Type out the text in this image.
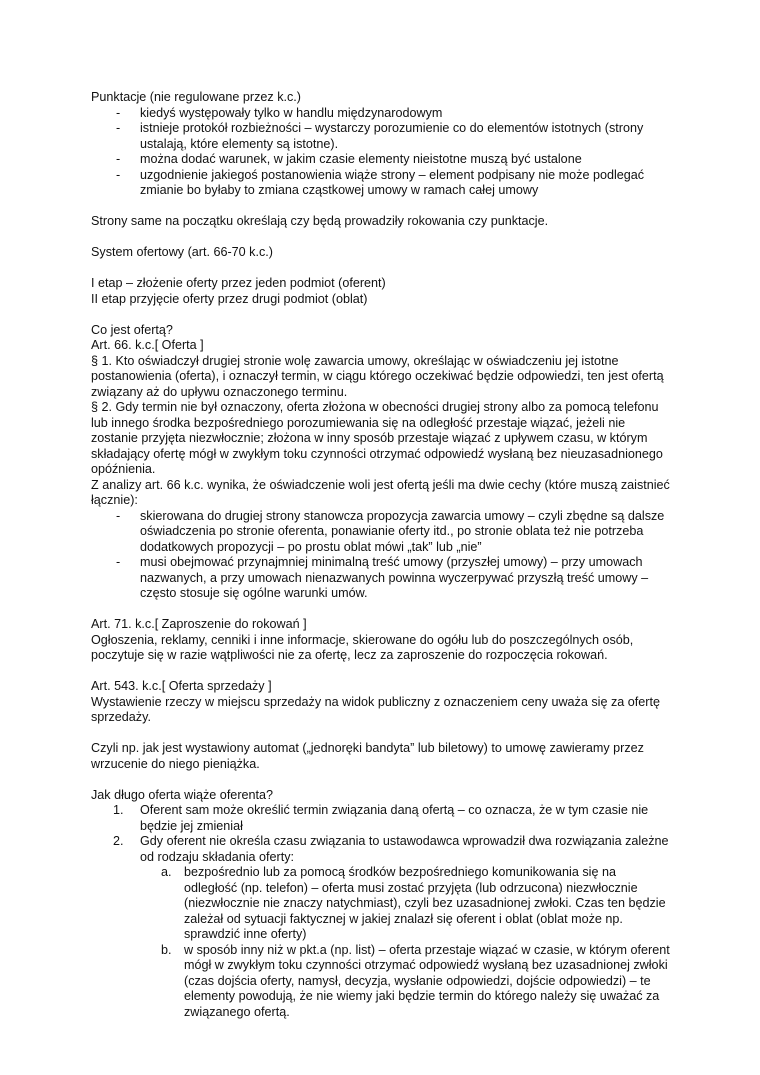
Punktacje (nie regulowane przez k.c.)

- kiedyś występowały tylko w handlu międzynarodowym
- istnieje protokół rozbieżności – wystarczy porozumienie co do elementów istotnych (strony ustalają, które elementy są istotne).
- można dodać warunek, w jakim czasie elementy nieistotne muszą być ustalone
- uzgodnienie jakiegoś postanowienia wiąże strony – element podpisany nie może podlegać zmianie bo byłaby to zmiana cząstkowej umowy w ramach całej umowy

Strony same na początku określają czy będą prowadziły rokowania czy punktacje.

System ofertowy (art. 66-70 k.c.)

I etap – złożenie oferty przez jeden podmiot (oferent)

II etap przyjęcie oferty przez drugi podmiot (oblat)

Co jest ofertą?

Art. 66. k.c.[ Oferta ]

§ 1. Kto oświadczył drugiej stronie wolę zawarcia umowy, określając w oświadczeniu jej istotne postanowienia (oferta), i oznaczył termin, w ciągu którego oczekiwać będzie odpowiedzi, ten jest ofertą związany aż do upływu oznaczonego terminu.

§ 2. Gdy termin nie był oznaczony, oferta złożona w obecności drugiej strony albo za pomocą telefonu lub innego środka bezpośredniego porozumiewania się na odległość przestaje wiązać, jeżeli nie zostanie przyjęta niezwłocznie; złożona w inny sposób przestaje wiązać z upływem czasu, w którym składający ofertę mógł w zwykłym toku czynności otrzymać odpowiedź wysłaną bez nieuzasadnionego opóźnienia.

Z analizy art. 66 k.c. wynika, że oświadczenie woli jest ofertą jeśli ma dwie cechy (które muszą zaistnieć łącznie):

- skierowana do drugiej strony stanowcza propozycja zawarcia umowy – czyli zbędne są dalsze oświadczenia po stronie oferenta, ponawianie oferty itd., po stronie oblata też nie potrzeba dodatkowych propozycji – po prostu oblat mówi „tak” lub „nie”
- musi obejmować przynajmniej minimalną treść umowy (przyszłej umowy) – przy umowach nazwanych, a przy umowach nienazwanych powinna wyczerpywać przyszłą treść umowy – często stosuje się ogólne warunki umów.

Art. 71. k.c.[ Zaproszenie do rokowań ]

Ogłoszenia, reklamy, cenniki i inne informacje, skierowane do ogółu lub do poszczególnych osób, poczytuje się w razie wątpliwości nie za ofertę, lecz za zaproszenie do rozpoczęcia rokowań.

Art. 543. k.c.[ Oferta sprzedaży ]

Wystawienie rzeczy w miejscu sprzedaży na widok publiczny z oznaczeniem ceny uważa się za ofertę sprzedaży.

Czyli np. jak jest wystawiony automat („jednoręki bandyta” lub biletowy) to umowę zawieramy przez wrzucenie do niego pieniążka.

Jak długo oferta wiąże oferenta?

1. Oferent sam może określić termin związania daną ofertą – co oznacza, że w tym czasie nie będzie jej zmieniał
2. Gdy oferent nie określa czasu związania to ustawodawca wprowadził dwa rozwiązania zależne od rodzaju składania oferty:
a. bezpośrednio lub za pomocą środków bezpośredniego komunikowania się na odległość (np. telefon) – oferta musi zostać przyjęta (lub odrzucona) niezwłocznie (niezwłocznie nie znaczy natychmiast), czyli bez uzasadnionej zwłoki. Czas ten będzie zależał od sytuacji faktycznej w jakiej znalazł się oferent i oblat (oblat może np. sprawdzić inne oferty)
b. w sposób inny niż w pkt.a (np. list) – oferta przestaje wiązać w czasie, w którym oferent mógł w zwykłym toku czynności otrzymać odpowiedź wysłaną bez uzasadnionej zwłoki (czas dojścia oferty, namysł, decyzja, wysłanie odpowiedzi, dojście odpowiedzi) – te elementy powodują, że nie wiemy jaki będzie termin do którego należy się uważać za związanego ofertą.
